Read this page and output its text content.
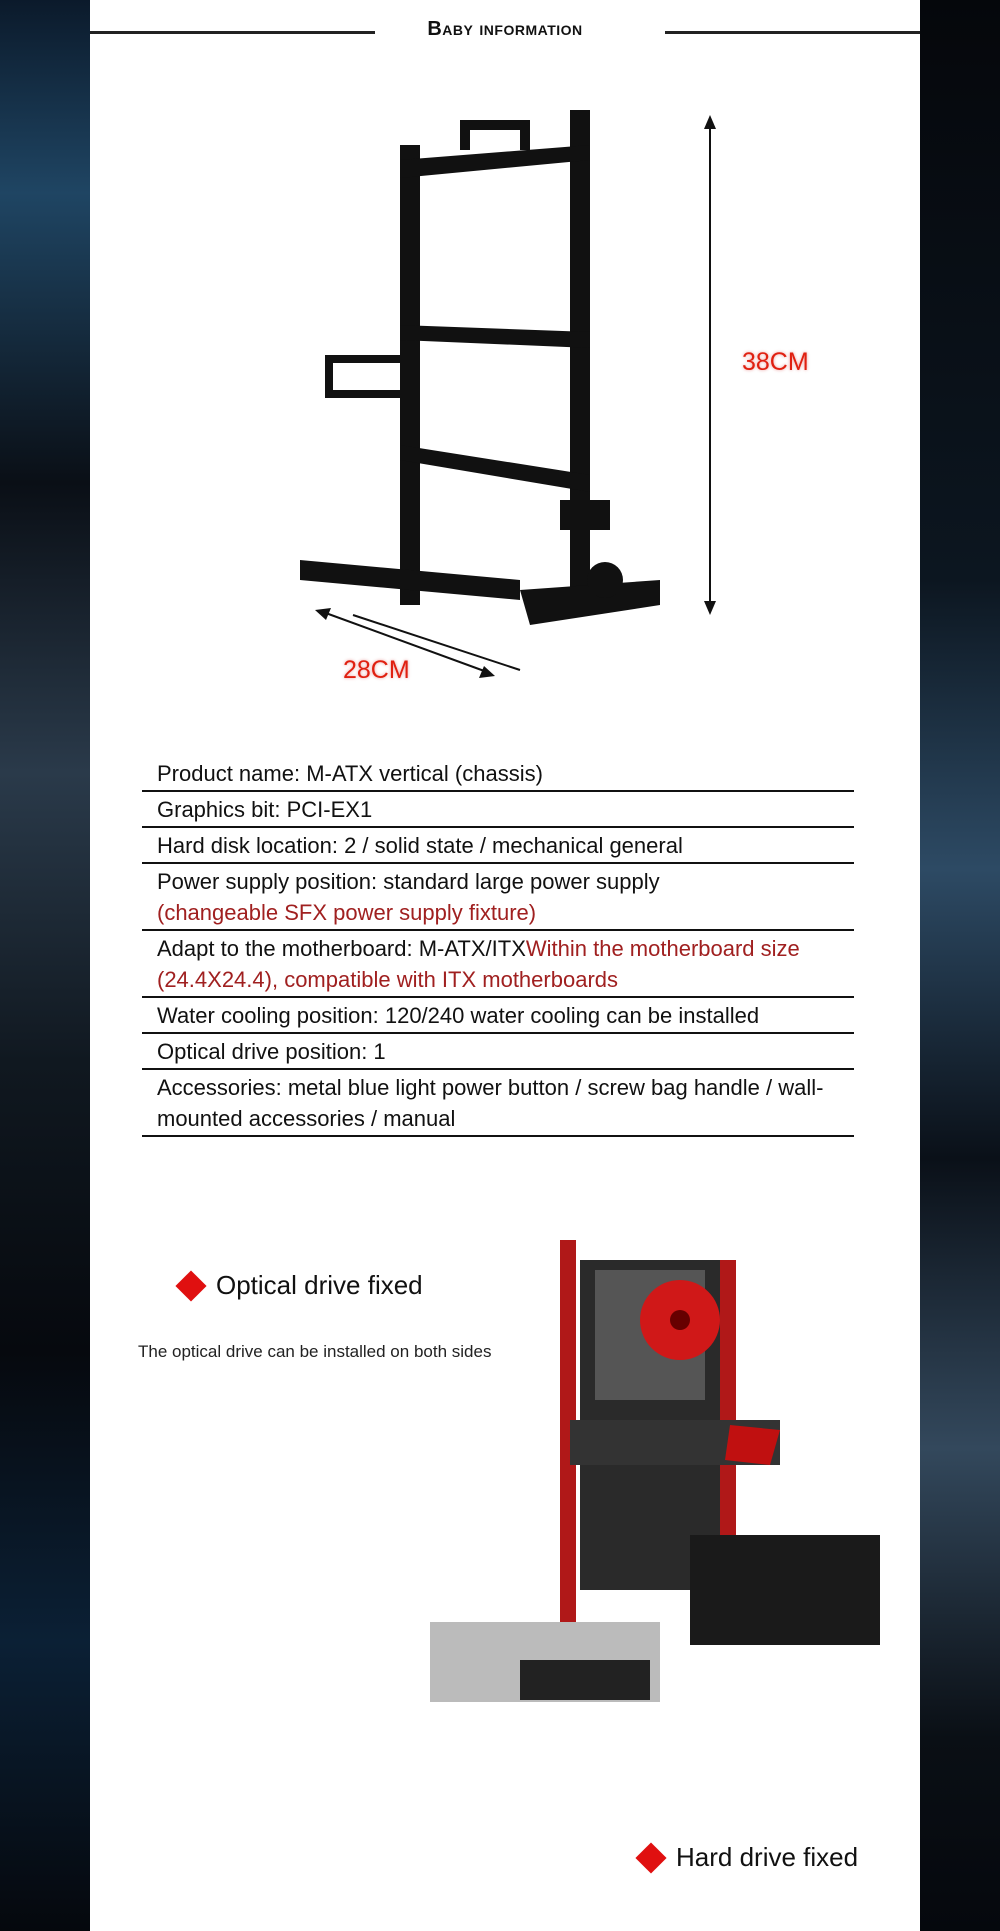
Baby information
38CM
28CM
Product name: M-ATX vertical (chassis)
Graphics bit: PCI-EX1
Hard disk location: 2 / solid state / mechanical general
Power supply position: standard large power supply
(changeable SFX power supply fixture)
Adapt to the motherboard: M-ATX/ITXWithin the motherboard size (24.4X24.4), compatible with ITX motherboards
Water cooling position: 120/240 water cooling can be installed
Optical drive position: 1
Accessories: metal blue light power button / screw bag handle / wall-mounted accessories / manual
Optical drive fixed
The optical drive can be installed on both sides
Hard drive fixed
